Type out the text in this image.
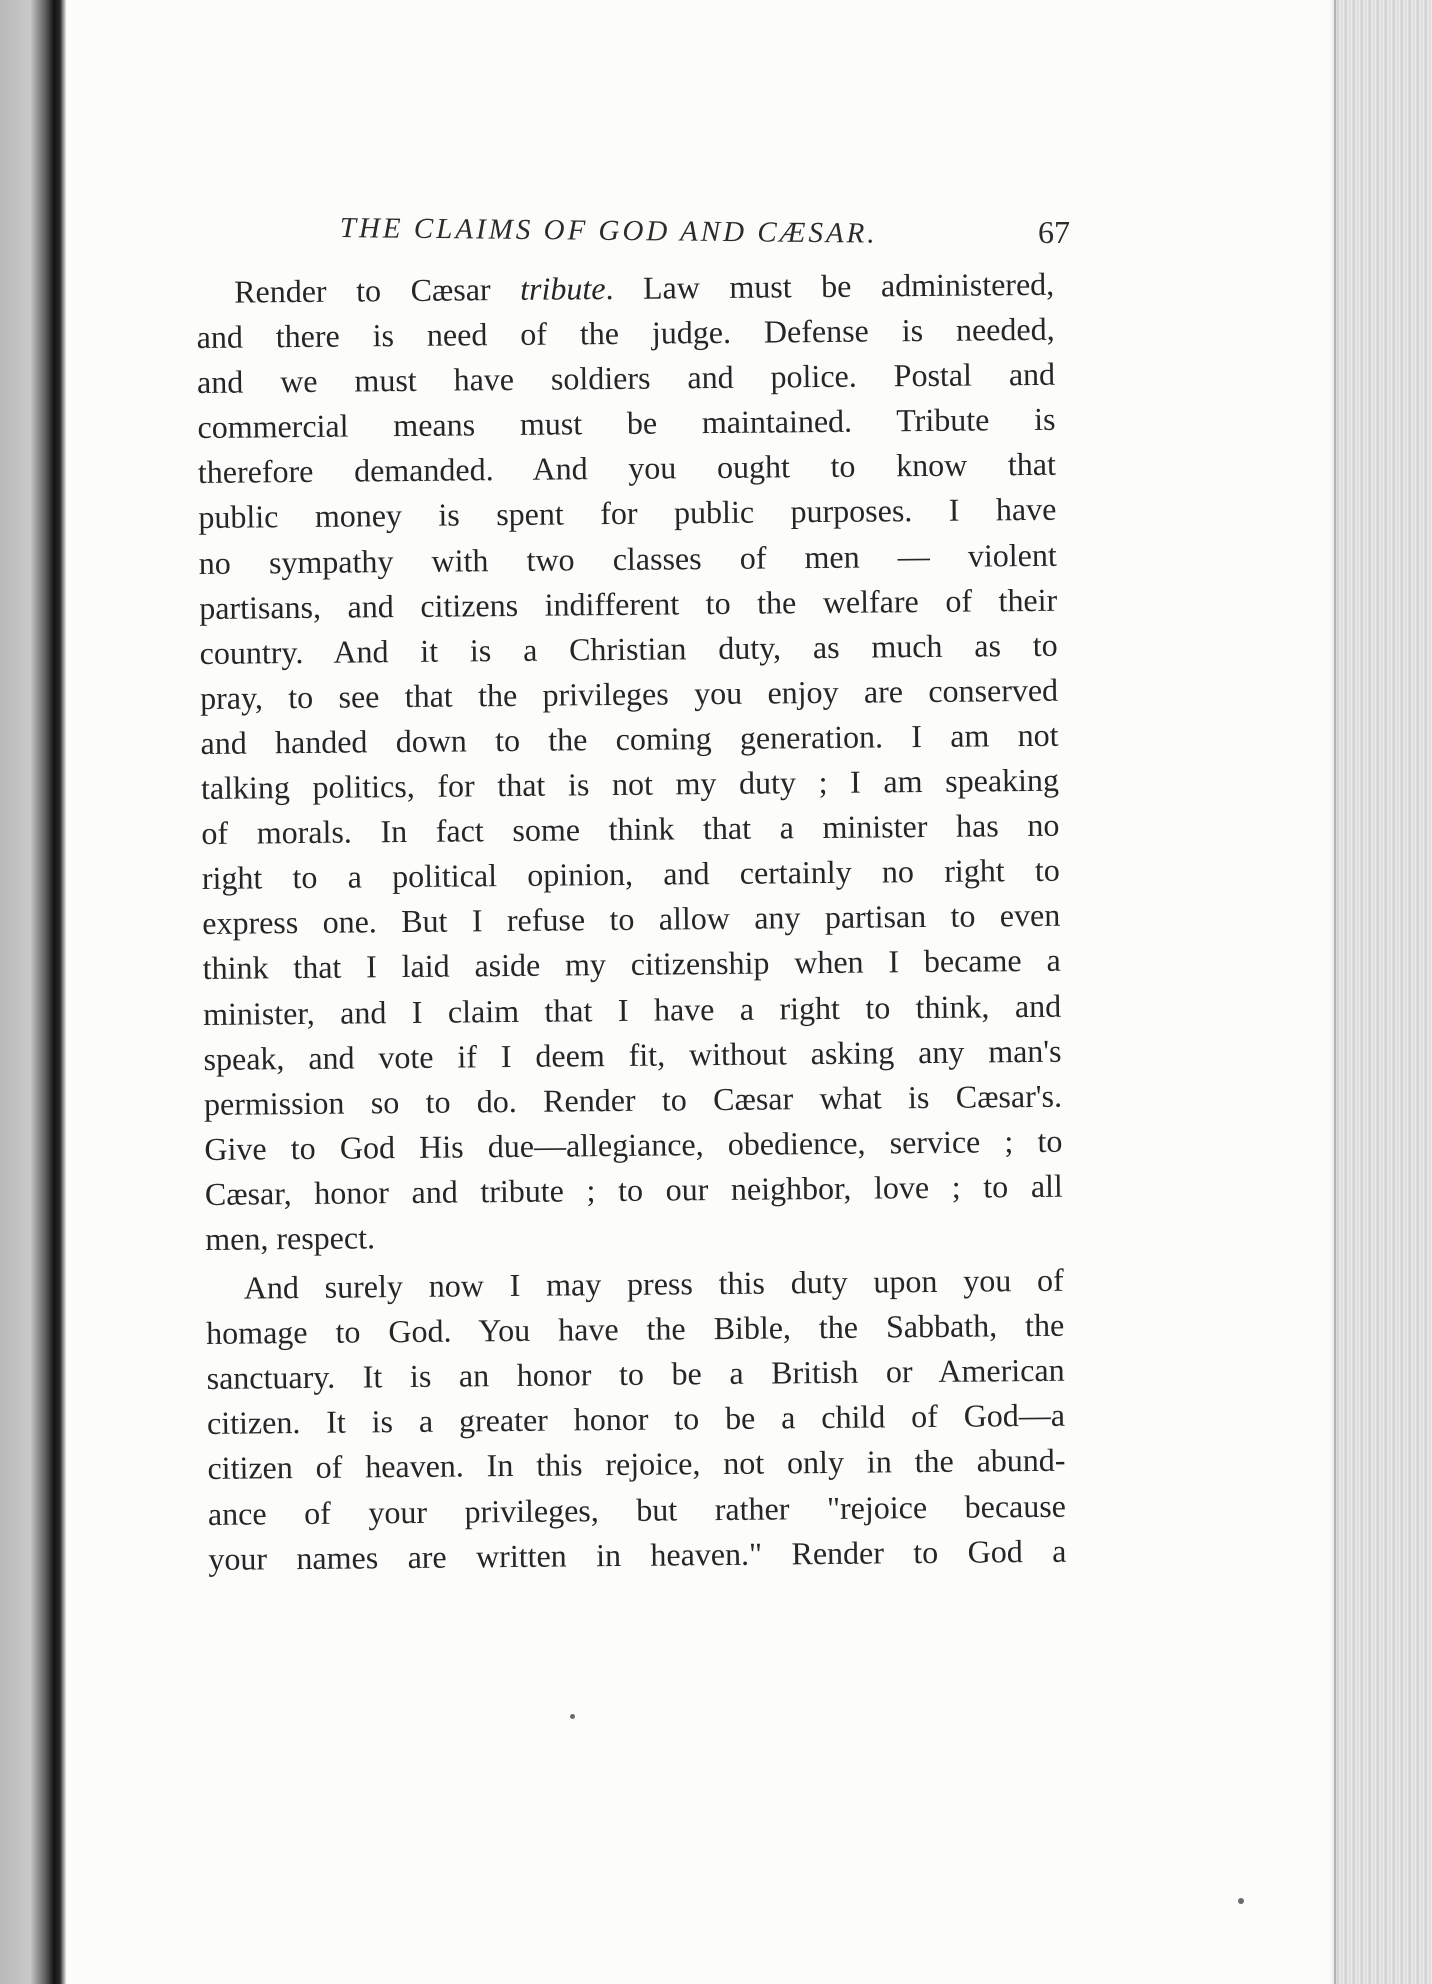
THE CLAIMS OF GOD AND CÆSAR.	67
Render to Cæsar tribute. Law must be administered,
and there is need of the judge. Defense is needed,
and we must have soldiers and police. Postal and
commercial means must be maintained. Tribute is
therefore demanded. And you ought to know that
public money is spent for public purposes. I have
no sympathy with two classes of men — violent
partisans, and citizens indifferent to the welfare of their
country. And it is a Christian duty, as much as to
pray, to see that the privileges you enjoy are conserved
and handed down to the coming generation. I am not
talking politics, for that is not my duty ; I am speaking
of morals. In fact some think that a minister has no
right to a political opinion, and certainly no right to
express one. But I refuse to allow any partisan to even
think that I laid aside my citizenship when I became a
minister, and I claim that I have a right to think, and
speak, and vote if I deem fit, without asking any man's
permission so to do. Render to Cæsar what is Cæsar's.
Give to God His due—allegiance, obedience, service ; to
Cæsar, honor and tribute ; to our neighbor, love ; to all
men, respect.
And surely now I may press this duty upon you of
homage to God. You have the Bible, the Sabbath, the
sanctuary. It is an honor to be a British or American
citizen. It is a greater honor to be a child of God—a
citizen of heaven. In this rejoice, not only in the abund-
ance of your privileges, but rather "rejoice because
your names are written in heaven." Render to God a
